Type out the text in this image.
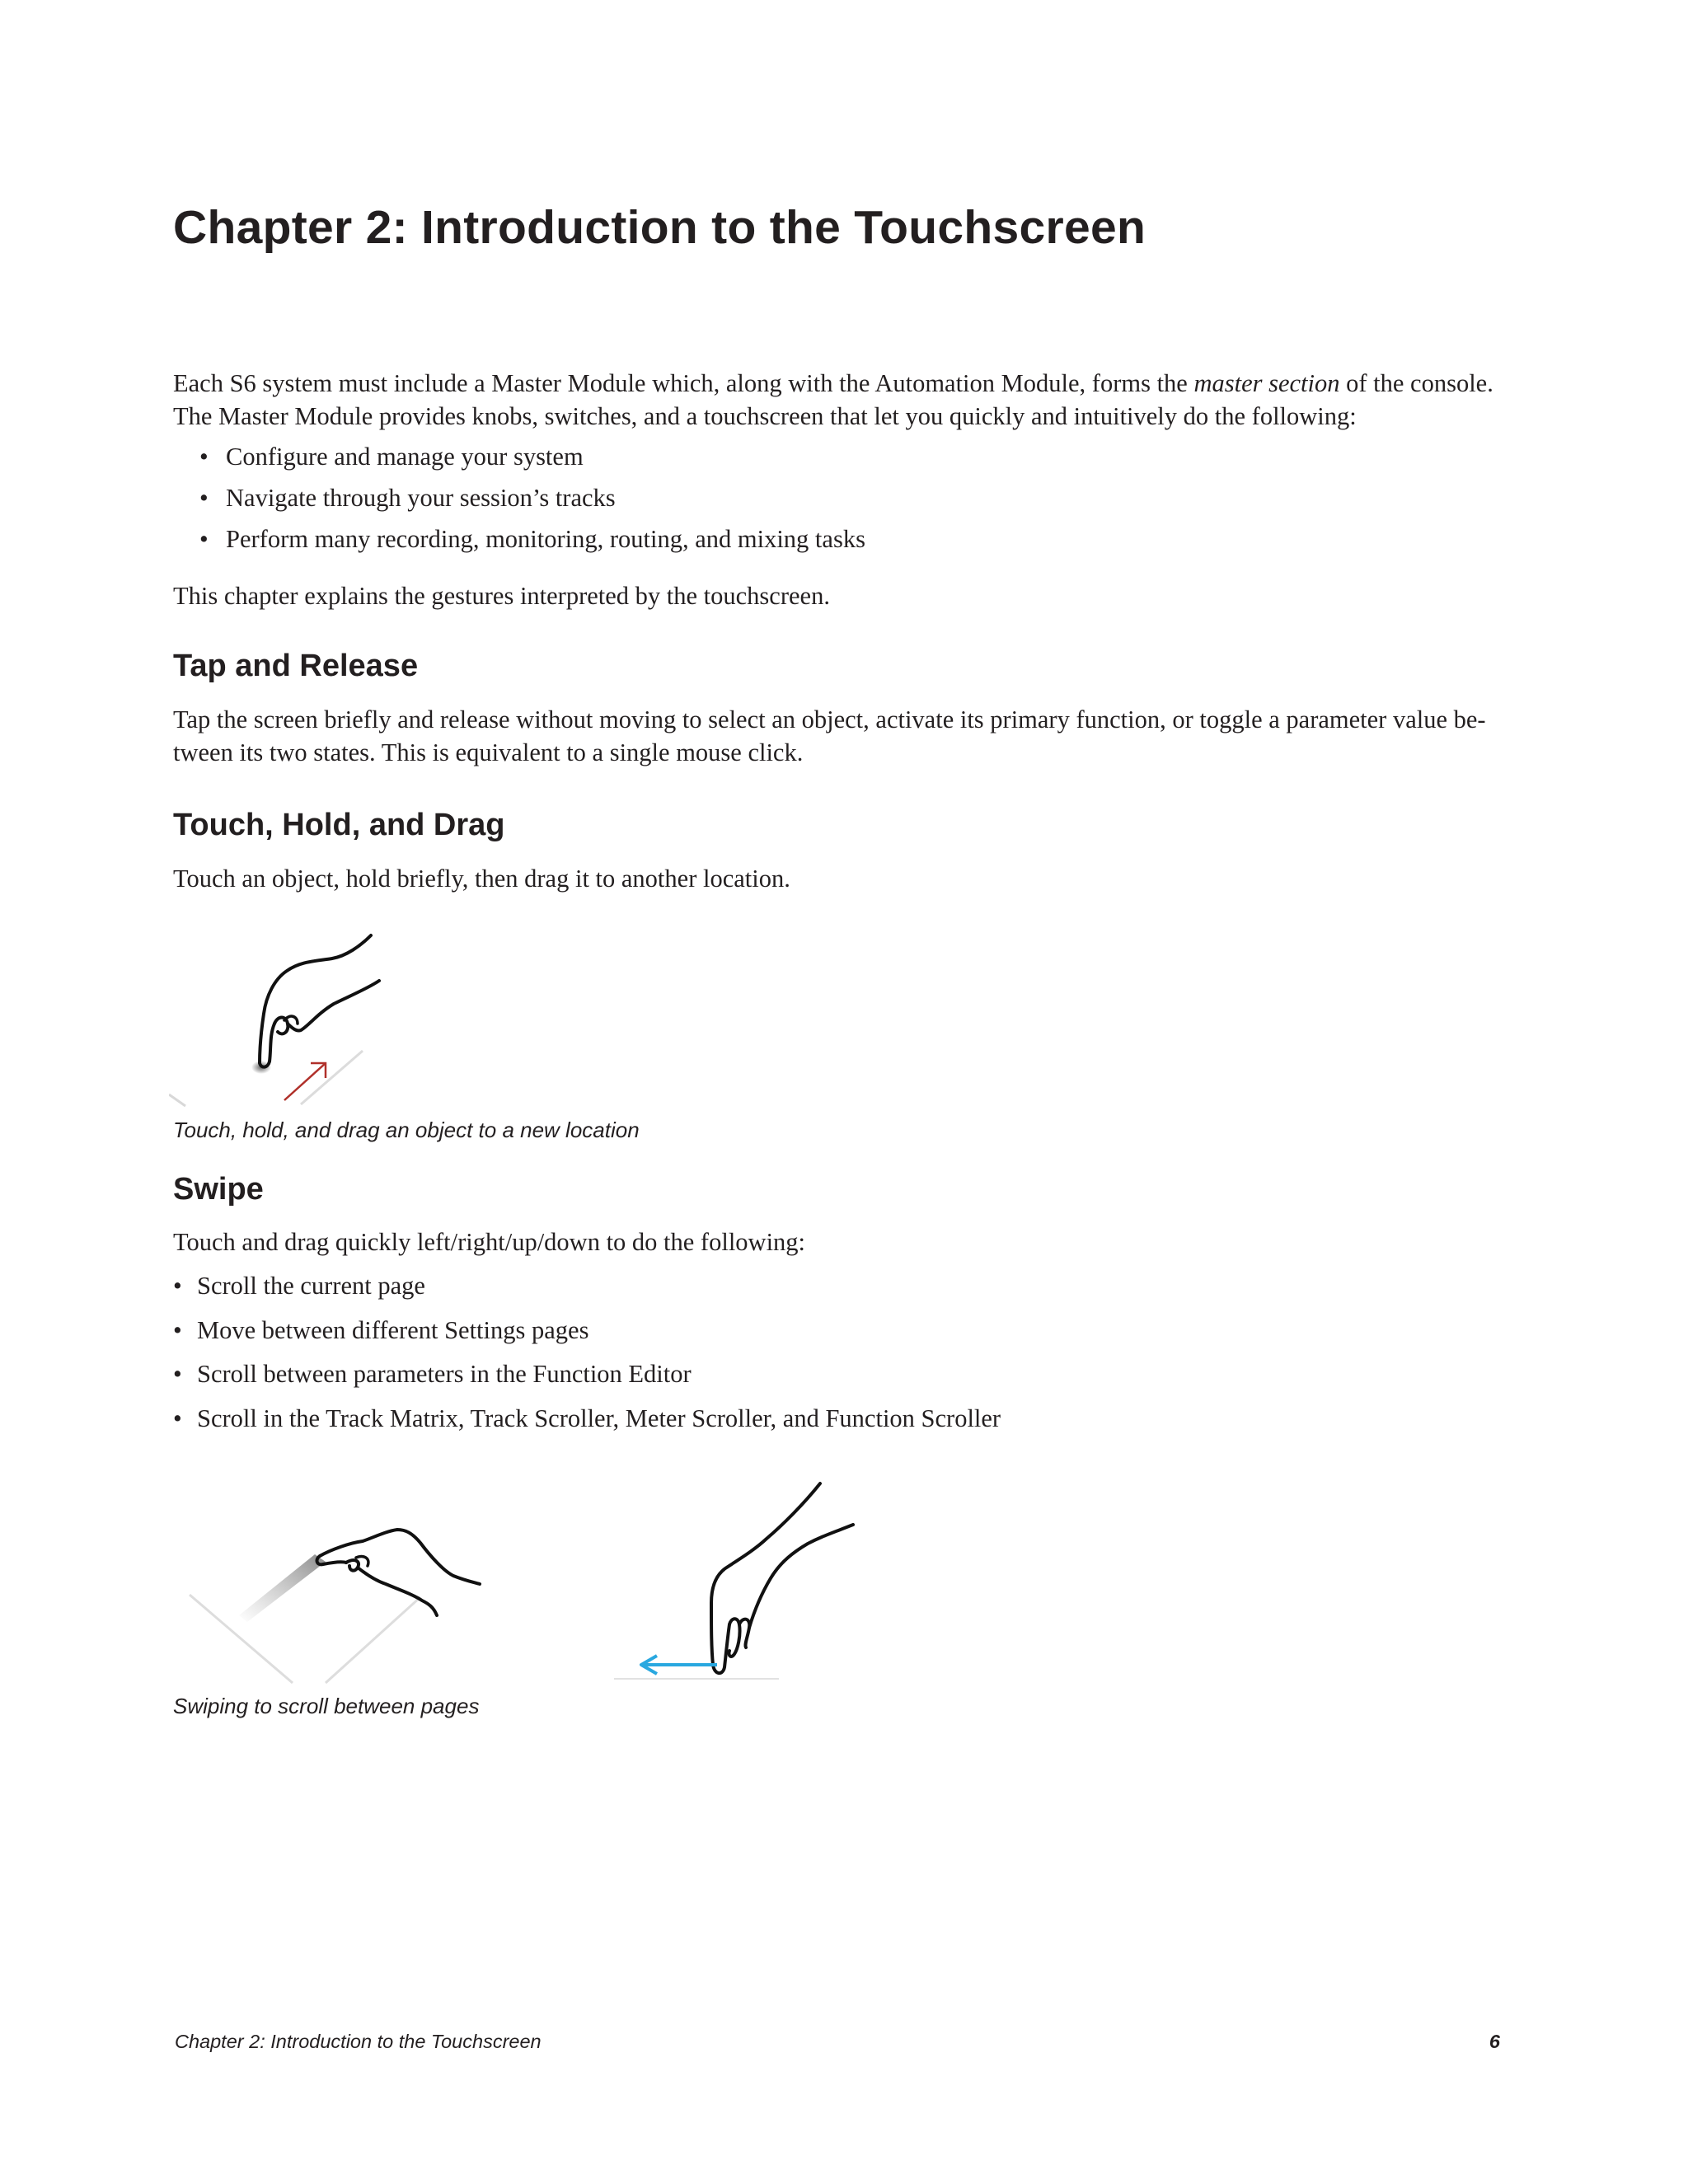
Chapter 2: Introduction to the Touchscreen

Each S6 system must include a Master Module which, along with the Automation Module, forms the master section of the console.
The Master Module provides knobs, switches, and a touchscreen that let you quickly and intuitively do the following:

• Configure and manage your system
• Navigate through your session’s tracks
• Perform many recording, monitoring, routing, and mixing tasks

This chapter explains the gestures interpreted by the touchscreen.

Tap and Release

Tap the screen briefly and release without moving to select an object, activate its primary function, or toggle a parameter value be-
tween its two states. This is equivalent to a single mouse click.

Touch, Hold, and Drag

Touch an object, hold briefly, then drag it to another location.

Touch, hold, and drag an object to a new location

Swipe

Touch and drag quickly left/right/up/down to do the following:

• Scroll the current page
• Move between different Settings pages
• Scroll between parameters in the Function Editor
• Scroll in the Track Matrix, Track Scroller, Meter Scroller, and Function Scroller

Swiping to scroll between pages

Chapter 2: Introduction to the Touchscreen	6
